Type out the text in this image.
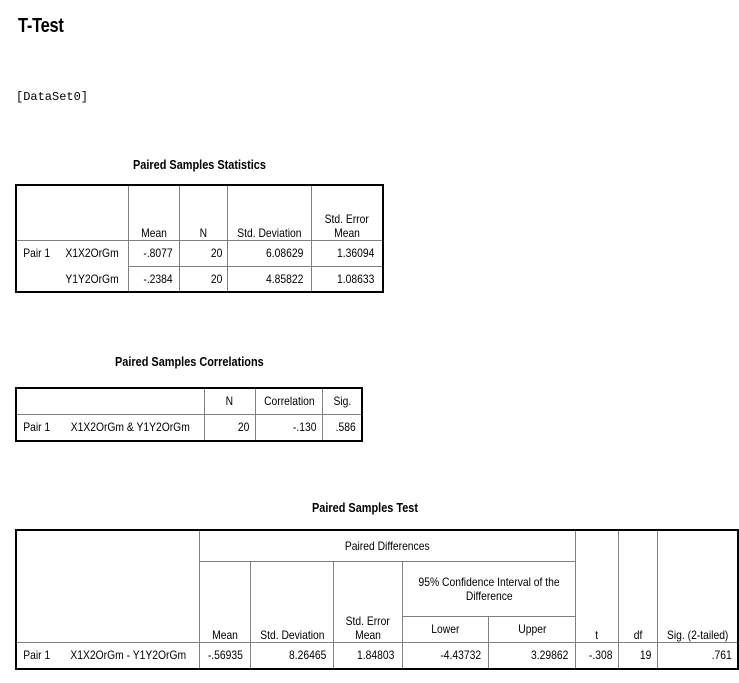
T-Test
[DataSet0]
Paired Samples Statistics
		Mean	N	Std. Deviation	Std. Error
Mean
Pair 1	X1X2OrGm	-.8077	20	6.08629	1.36094
	Y1Y2OrGm	-.2384	20	4.85822	1.08633
Paired Samples Correlations
		N	Correlation	Sig.
Pair 1	X1X2OrGm & Y1Y2OrGm	20	-.130	.586
Paired Samples Test
		Paired Differences					t	df	Sig. (2-tailed)
		Mean	Std. Deviation	Std. Error
Mean	95% Confidence Interval of the
Difference				
					Lower	Upper			
Pair 1	X1X2OrGm - Y1Y2OrGm	-.56935	8.26465	1.84803	-4.43732	3.29862	-.308	19	.761
